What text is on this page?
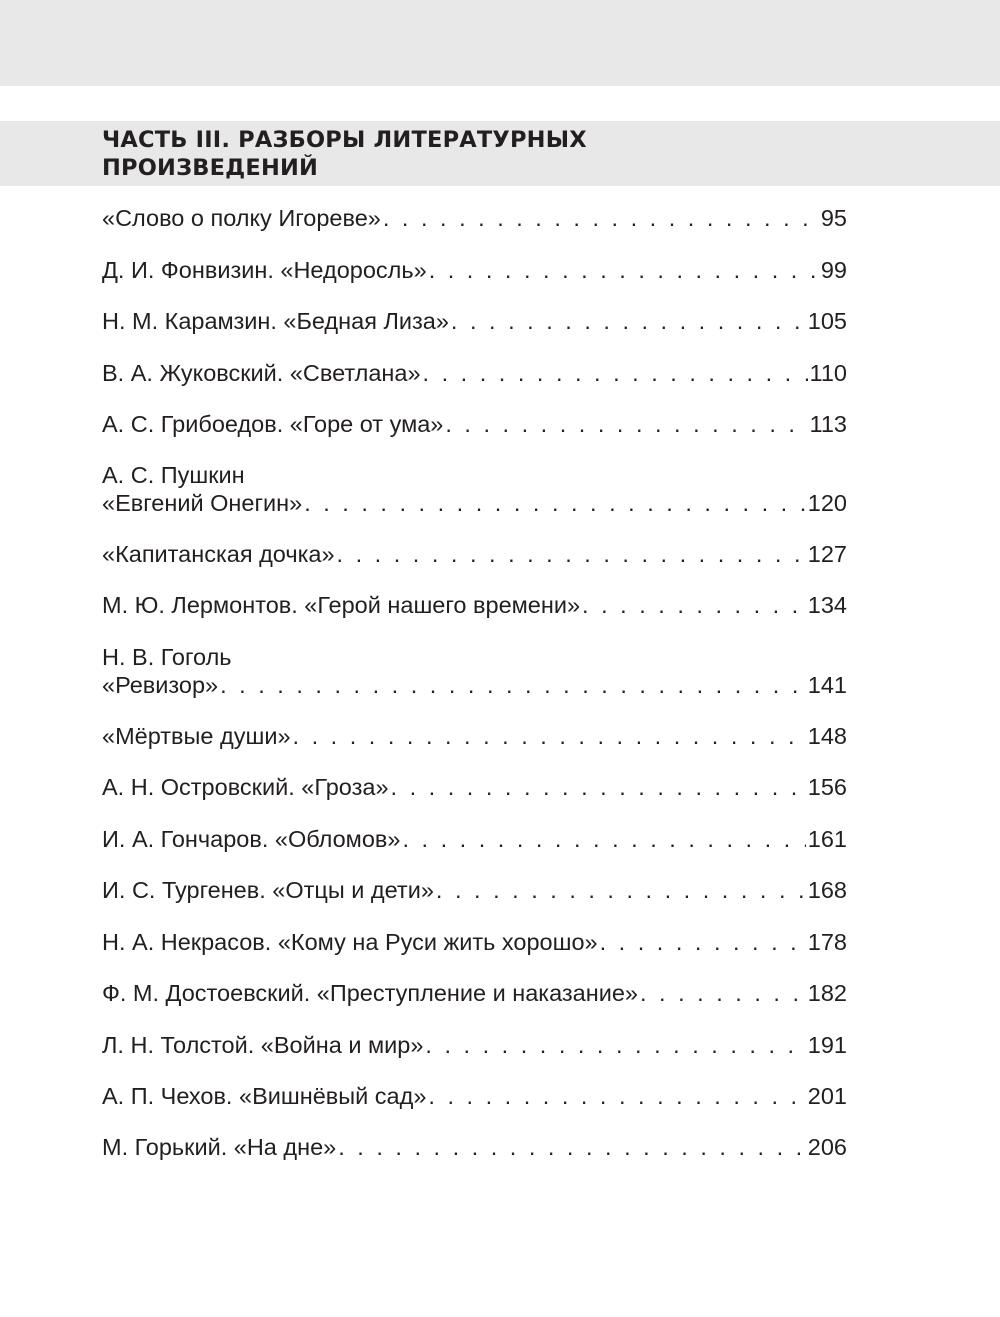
ЧАСТЬ III. РАЗБОРЫ ЛИТЕРАТУРНЫХ
ПРОИЗВЕДЕНИЙ
«Слово о полку Игореве» . . .	95
Д. И. Фонвизин. «Недоросль» . . .	99
Н. М. Карамзин. «Бедная Лиза» . . .	105
В. А. Жуковский. «Светлана» . . .	110
А. С. Грибоедов. «Горе от ума» . . .	113
А. С. Пушкин
«Евгений Онегин» . . .	120
«Капитанская дочка» . . .	127
М. Ю. Лермонтов. «Герой нашего времени» . . .	134
Н. В. Гоголь
«Ревизор» . . .	141
«Мёртвые души» . . .	148
А. Н. Островский. «Гроза» . . .	156
И. А. Гончаров. «Обломов» . . .	161
И. С. Тургенев. «Отцы и дети» . . .	168
Н. А. Некрасов. «Кому на Руси жить хорошо» . . .	178
Ф. М. Достоевский. «Преступление и наказание» . . .	182
Л. Н. Толстой. «Война и мир» . . .	191
А. П. Чехов. «Вишнёвый сад» . . .	201
М. Горький. «На дне» . . .	206
